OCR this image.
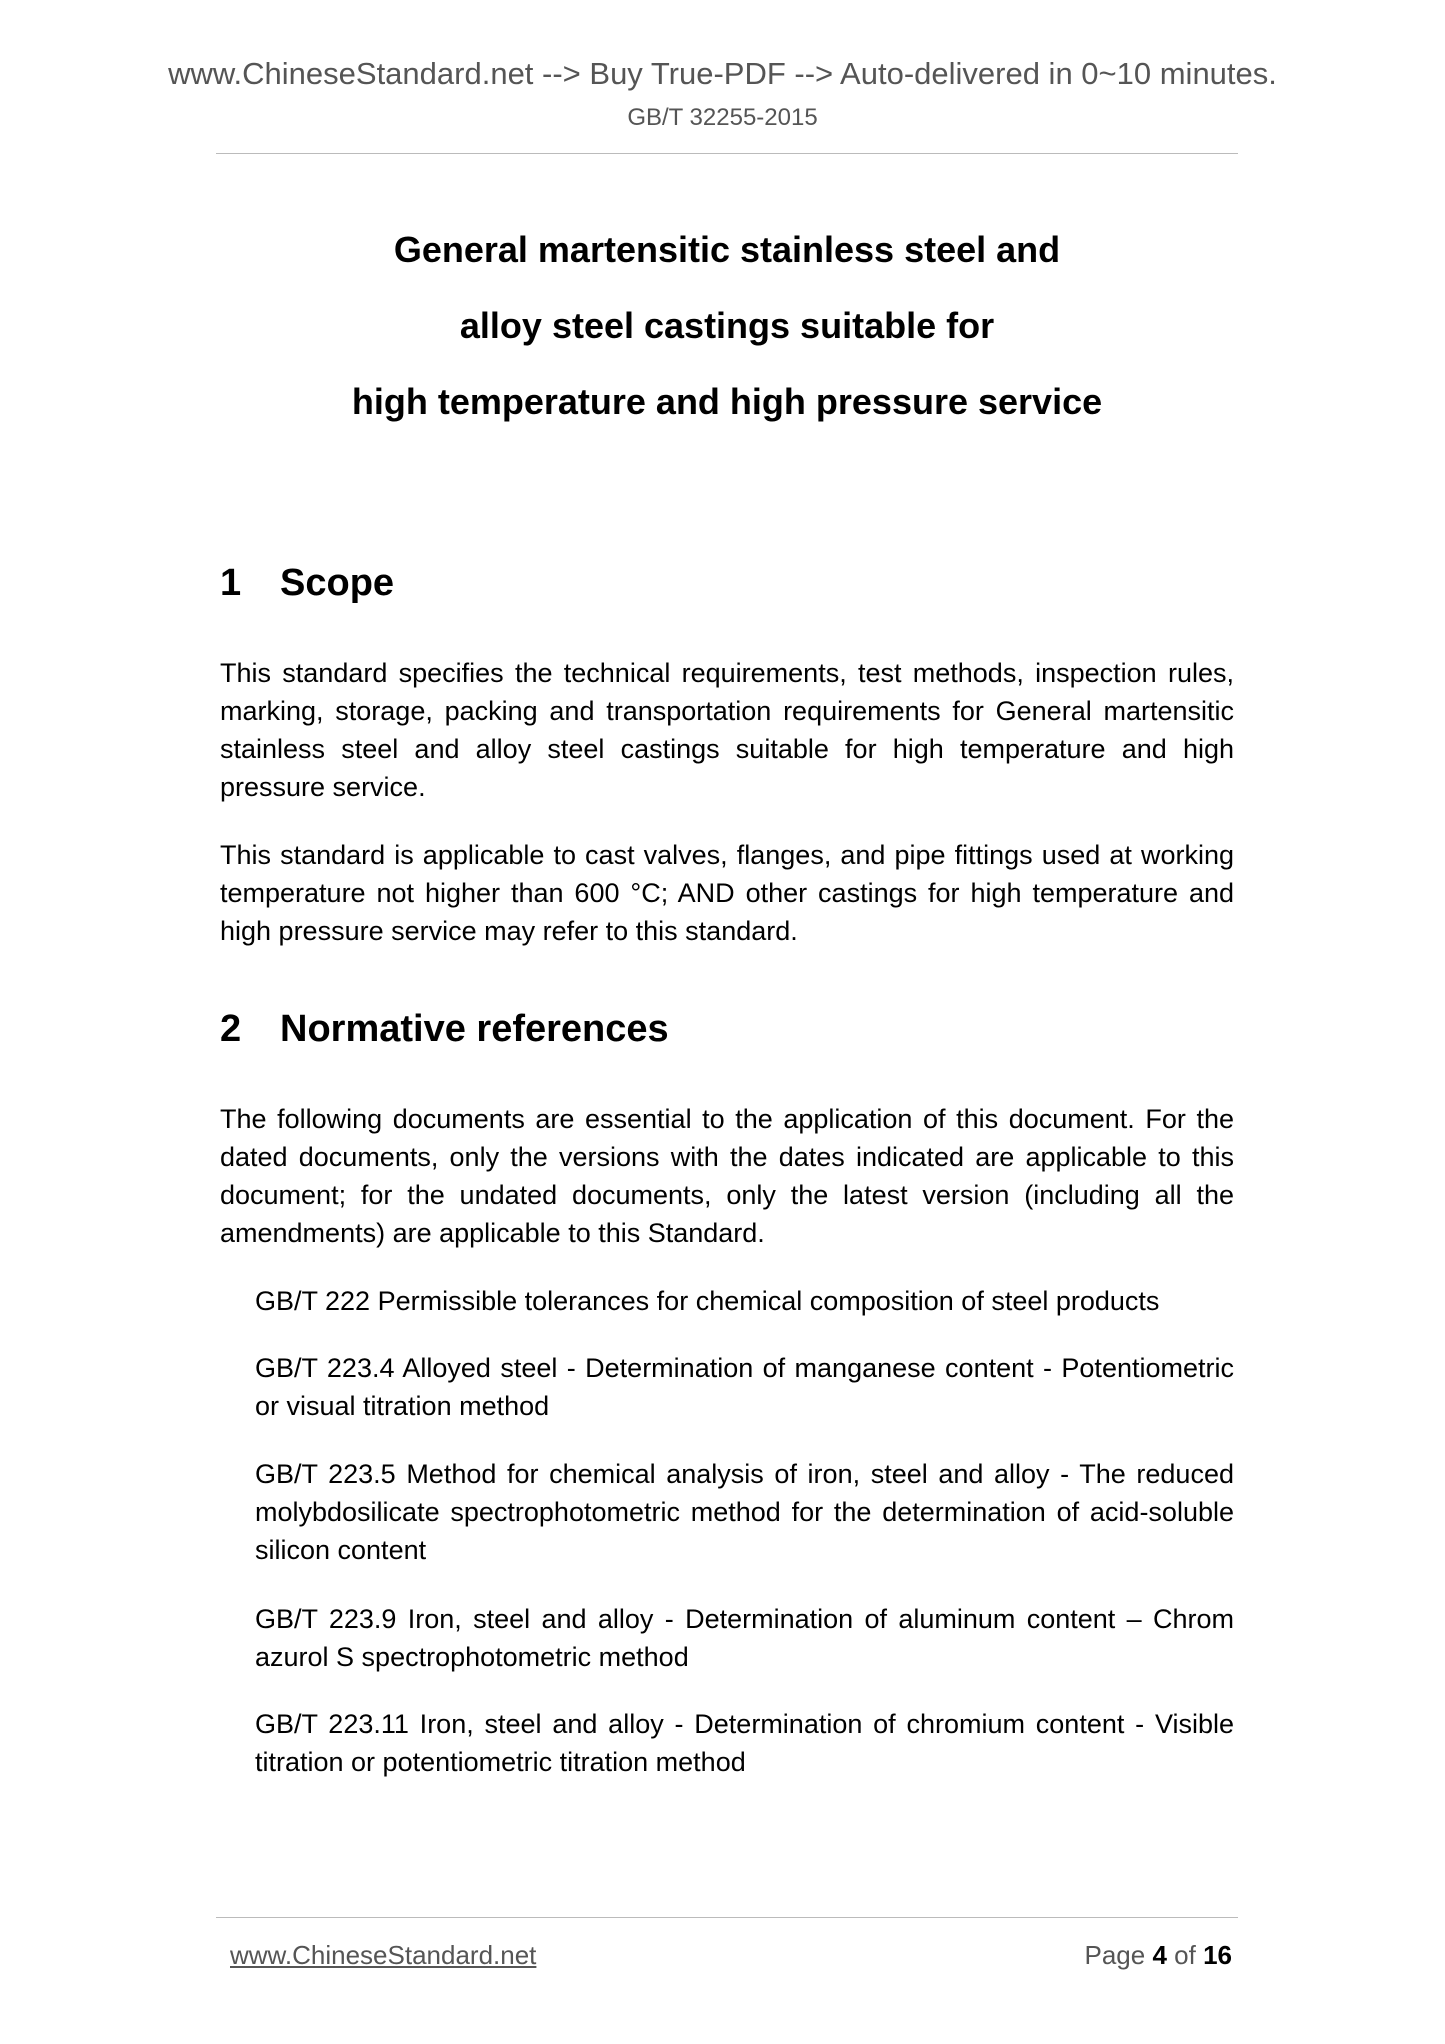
www.ChineseStandard.net --> Buy True-PDF --> Auto-delivered in 0~10 minutes.
GB/T 32255-2015
General martensitic stainless steel and
alloy steel castings suitable for
high temperature and high pressure service
1 Scope
This standard specifies the technical requirements, test methods, inspection rules, marking, storage, packing and transportation requirements for General martensitic stainless steel and alloy steel castings suitable for high temperature and high pressure service.
This standard is applicable to cast valves, flanges, and pipe fittings used at working temperature not higher than 600 °C; AND other castings for high temperature and high pressure service may refer to this standard.
2 Normative references
The following documents are essential to the application of this document. For the dated documents, only the versions with the dates indicated are applicable to this document; for the undated documents, only the latest version (including all the amendments) are applicable to this Standard.
GB/T 222 Permissible tolerances for chemical composition of steel products
GB/T 223.4 Alloyed steel - Determination of manganese content - Potentiometric or visual titration method
GB/T 223.5 Method for chemical analysis of iron, steel and alloy - The reduced molybdosilicate spectrophotometric method for the determination of acid-soluble silicon content
GB/T 223.9 Iron, steel and alloy - Determination of aluminum content – Chrom azurol S spectrophotometric method
GB/T 223.11 Iron, steel and alloy - Determination of chromium content - Visible titration or potentiometric titration method
www.ChineseStandard.net	Page 4 of 16
